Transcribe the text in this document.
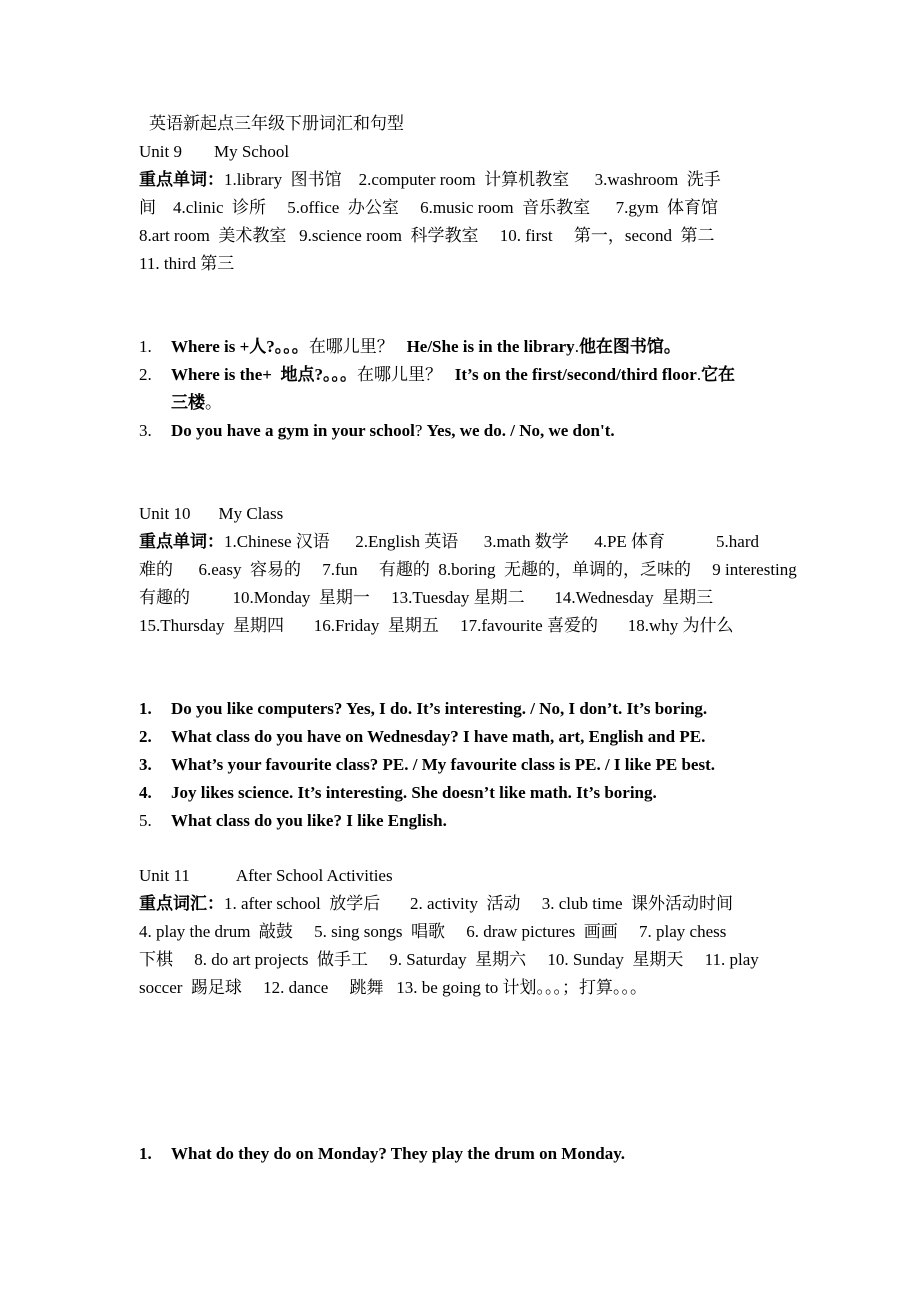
英语新起点三年级下册词汇和句型
Unit 9 My School
重点单词：1.library  图书馆    2.computer room  计算机教室      3.washroom  洗手
间    4.clinic  诊所     5.office  办公室     6.music room  音乐教室      7.gym  体育馆
8.art room  美术教室   9.science room  科学教室     10. first     第一，second  第二
11. third 第三
1.	Where is +人?。。。在哪儿里？   He/She is in the library.他在图书馆。
2.	Where is the+  地点?。。。在哪儿里？   It’s on the first/second/third floor.它在
三楼。
3.	Do you have a gym in your school? Yes, we do. / No, we don't.
Unit 10 My Class
重点单词：1.Chinese 汉语      2.English 英语      3.math 数学      4.PE 体育            5.hard
难的      6.easy  容易的     7.fun     有趣的  8.boring  无趣的，单调的，乏味的     9 interesting
有趣的          10.Monday  星期一     13.Tuesday 星期二       14.Wednesday  星期三
15.Thursday  星期四       16.Friday  星期五     17.favourite 喜爱的       18.why 为什么
1.	Do you like computers? Yes, I do. It’s interesting. / No, I don’t. It’s boring.
2.	What class do you have on Wednesday? I have math, art, English and PE.
3.	What’s your favourite class? PE. / My favourite class is PE. / I like PE best.
4.	Joy likes science. It’s interesting. She doesn’t like math. It’s boring.
5.	What class do you like? I like English.
Unit 11	After School Activities
重点词汇：1. after school  放学后       2. activity  活动     3. club time  课外活动时间
4. play the drum  敲鼓     5. sing songs  唱歌     6. draw pictures  画画     7. play chess
下棋     8. do art projects  做手工     9. Saturday  星期六     10. Sunday  星期天     11. play
soccer  踢足球     12. dance     跳舞   13. be going to 计划。。。；打算。。。
1.	What do they do on Monday? They play the drum on Monday.
